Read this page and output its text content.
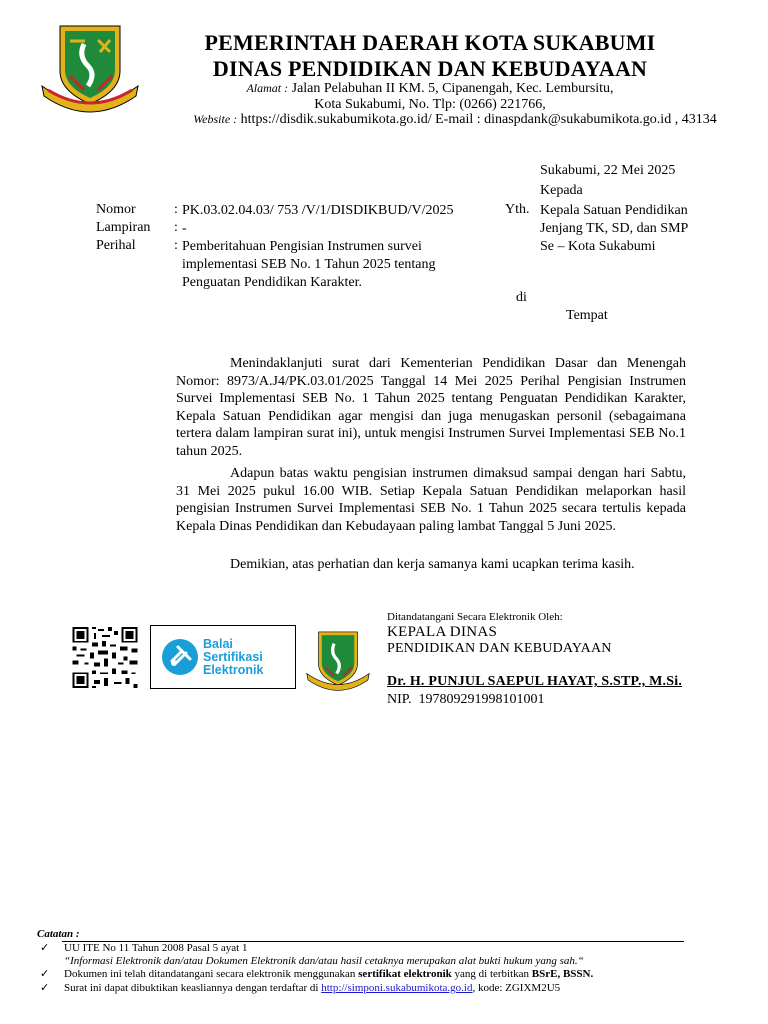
PEMERINTAH DAERAH KOTA SUKABUMI
DINAS PENDIDIKAN DAN KEBUDAYAAN
Alamat : Jalan Pelabuhan II KM. 5, Cipanengah, Kec. Lembursitu,
Kota Sukabumi, No. Tlp: (0266) 221766,
Website : https://disdik.sukabumikota.go.id/ E-mail : dinaspdank@sukabumikota.go.id , 43134
Sukabumi, 22 Mei 2025
Kepada
Yth. Kepala Satuan Pendidikan
Jenjang TK, SD, dan SMP
Se – Kota Sukabumi
di
Tempat
Nomor	: PK.03.02.04.03/ 753 /V/1/DISDIKBUD/V/2025
Lampiran : -
Perihal	: Pemberitahuan Pengisian Instrumen survei
implementasi SEB No. 1 Tahun 2025 tentang
Penguatan Pendidikan Karakter.
Menindaklanjuti surat dari Kementerian Pendidikan Dasar dan Menengah Nomor: 8973/A.J4/PK.03.01/2025 Tanggal 14 Mei 2025 Perihal Pengisian Instrumen Survei Implementasi SEB No. 1 Tahun 2025 tentang Penguatan Pendidikan Karakter, Kepala Satuan Pendidikan agar mengisi dan juga menugaskan personil (sebagaimana tertera dalam lampiran surat ini), untuk mengisi Instrumen Survei Implementasi SEB No.1 tahun 2025.
Adapun batas waktu pengisian instrumen dimaksud sampai dengan hari Sabtu, 31 Mei 2025 pukul 16.00 WIB. Setiap Kepala Satuan Pendidikan melaporkan hasil pengisian Instrumen Survei Implementasi SEB No. 1 Tahun 2025 secara tertulis kepada Kepala Dinas Pendidikan dan Kebudayaan paling lambat Tanggal 5 Juni 2025.
Demikian, atas perhatian dan kerja samanya kami ucapkan terima kasih.
Balai
Sertifikasi
Elektronik
Ditandatangani Secara Elektronik Oleh:
KEPALA DINAS
PENDIDIKAN DAN KEBUDAYAAN
Dr. H. PUNJUL SAEPUL HAYAT, S.STP., M.Si.
NIP. 197809291998101001
Catatan :
✓ UU ITE No 11 Tahun 2008 Pasal 5 ayat 1
“Informasi Elektronik dan/atau Dokumen Elektronik dan/atau hasil cetaknya merupakan alat bukti hukum yang sah.“
✓ Dokumen ini telah ditandatangani secara elektronik menggunakan sertifikat elektronik yang di terbitkan BSrE, BSSN.
✓ Surat ini dapat dibuktikan keasliannya dengan terdaftar di http://simponi.sukabumikota.go.id, kode: ZGIXM2U5
